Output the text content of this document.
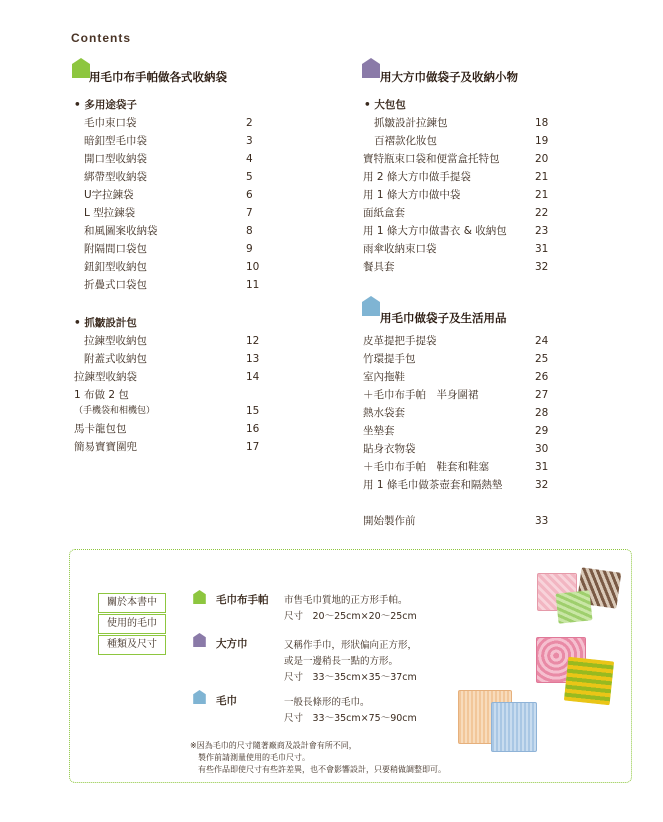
Contents
用毛巾布手帕做各式收納袋
• 多用途袋子
毛巾束口袋	2
暗釦型毛巾袋	3
開口型收納袋	4
綁帶型收納袋	5
U字拉鍊袋	6
L 型拉鍊袋	7
和風圖案收納袋	8
附隔間口袋包	9
鈕釦型收納包	10
折疊式口袋包	11
• 抓皺設計包
拉鍊型收納包	12
附蓋式收納包	13
拉鍊型收納袋	14
1 布做 2 包
（手機袋和相機包）	15
馬卡龍包包	16
簡易寶寶圍兜	17
用大方巾做袋子及收納小物
• 大包包
抓皺設計拉鍊包	18
百褶款化妝包	19
寶特瓶束口袋和便當盒托特包	20
用 2 條大方巾做手提袋	21
用 1 條大方巾做中袋	21
面紙盒套	22
用 1 條大方巾做書衣 & 收納包	23
雨傘收納束口袋	31
餐具套	32
用毛巾做袋子及生活用品
皮革提把手提袋	24
竹環提手包	25
室內拖鞋	26
＋毛巾布手帕　半身圍裙	27
熱水袋套	28
坐墊套	29
貼身衣物袋	30
＋毛巾布手帕　鞋套和鞋塞	31
用 1 條毛巾做茶壺套和隔熱墊	32
開始製作前	33
關於本書中
使用的毛巾
種類及尺寸
毛巾布手帕 市售毛巾質地的正方形手帕。
尺寸　20～25cm×20～25cm
大方巾	又稱作手巾，形狀偏向正方形，
或是一邊稍長一點的方形。
尺寸　33～35cm×35～37cm
毛巾	一般長條形的毛巾。
尺寸　33～35cm×75～90cm
※因為毛巾的尺寸隨著廠商及設計會有所不同，
製作前請測量使用的毛巾尺寸。
有些作品即使尺寸有些許差異，也不會影響設計，只要稍做調整即可。
